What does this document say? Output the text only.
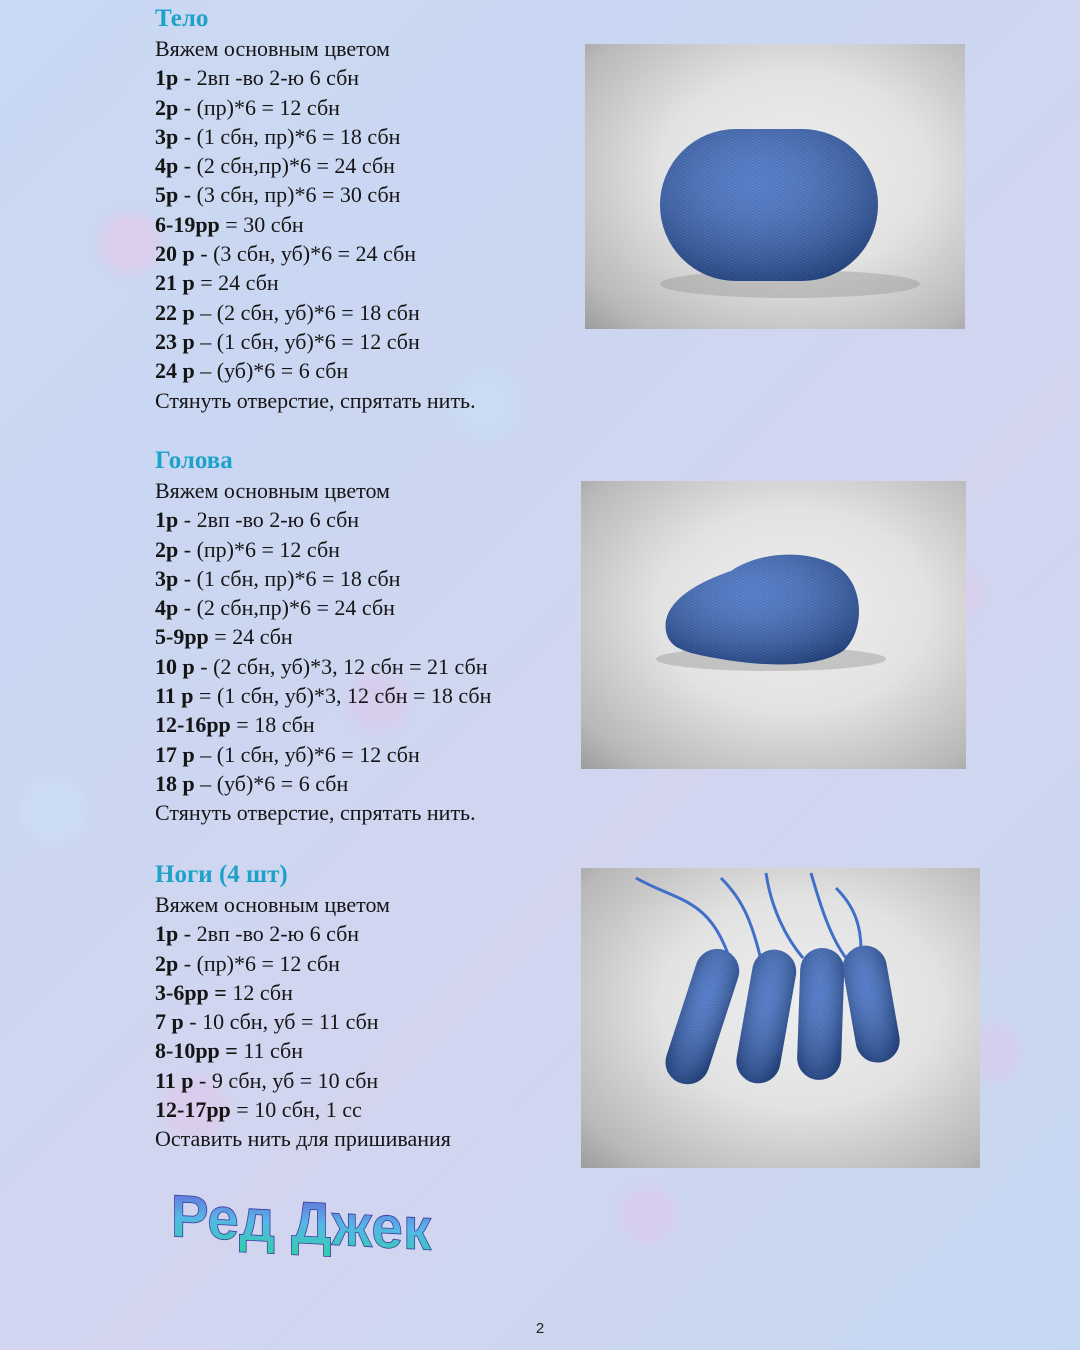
Тело
Вяжем основным цветом
1р - 2вп -во 2-ю 6 сбн
2р - (пр)*6 = 12 сбн
3р - (1 сбн, пр)*6 = 18 сбн
4р - (2 сбн,пр)*6 = 24 сбн
5р - (3 сбн, пр)*6 = 30 сбн
6-19рр = 30 сбн
20 р - (3 сбн, уб)*6 = 24 сбн
21 р = 24 сбн
22 р – (2 сбн, уб)*6 = 18 сбн
23 р – (1 сбн, уб)*6 = 12 сбн
24 р – (уб)*6 = 6 сбн
Стянуть отверстие, спрятать нить.
Голова
Вяжем основным цветом
1р - 2вп -во 2-ю 6 сбн
2р - (пр)*6 = 12 сбн
3р - (1 сбн, пр)*6 = 18 сбн
4р - (2 сбн,пр)*6 = 24 сбн
5-9рр = 24 сбн
10 р - (2 сбн, уб)*3, 12 сбн = 21 сбн
11 р = (1 сбн, уб)*3, 12 сбн = 18 сбн
12-16рр = 18 сбн
17 р – (1 сбн, уб)*6 = 12 сбн
18 р – (уб)*6 = 6 сбн
Стянуть отверстие, спрятать нить.
Ноги (4 шт)
Вяжем основным цветом
1р - 2вп -во 2-ю 6 сбн
2р - (пр)*6 = 12 сбн
3-6рр = 12 сбн
7 р - 10 сбн, уб = 11 сбн
8-10рр = 11 сбн
11 р - 9 сбн, уб = 10 сбн
12-17рр = 10 сбн, 1 сс
Оставить нить для пришивания
Ред Джек
2
